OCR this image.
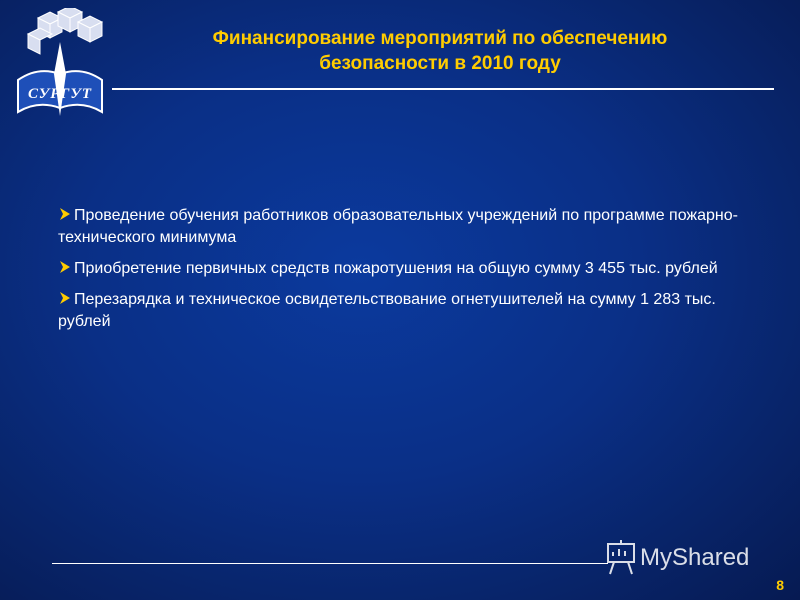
СУРГУТ
Финансирование мероприятий по обеспечению
безопасности в 2010 году
Проведение обучения работников образовательных учреждений по программе пожарно-технического минимума
Приобретение первичных средств пожаротушения на общую сумму 3 455 тыс. рублей
Перезарядка и техническое освидетельствование огнетушителей на сумму 1 283 тыс. рублей
MyShared
8
